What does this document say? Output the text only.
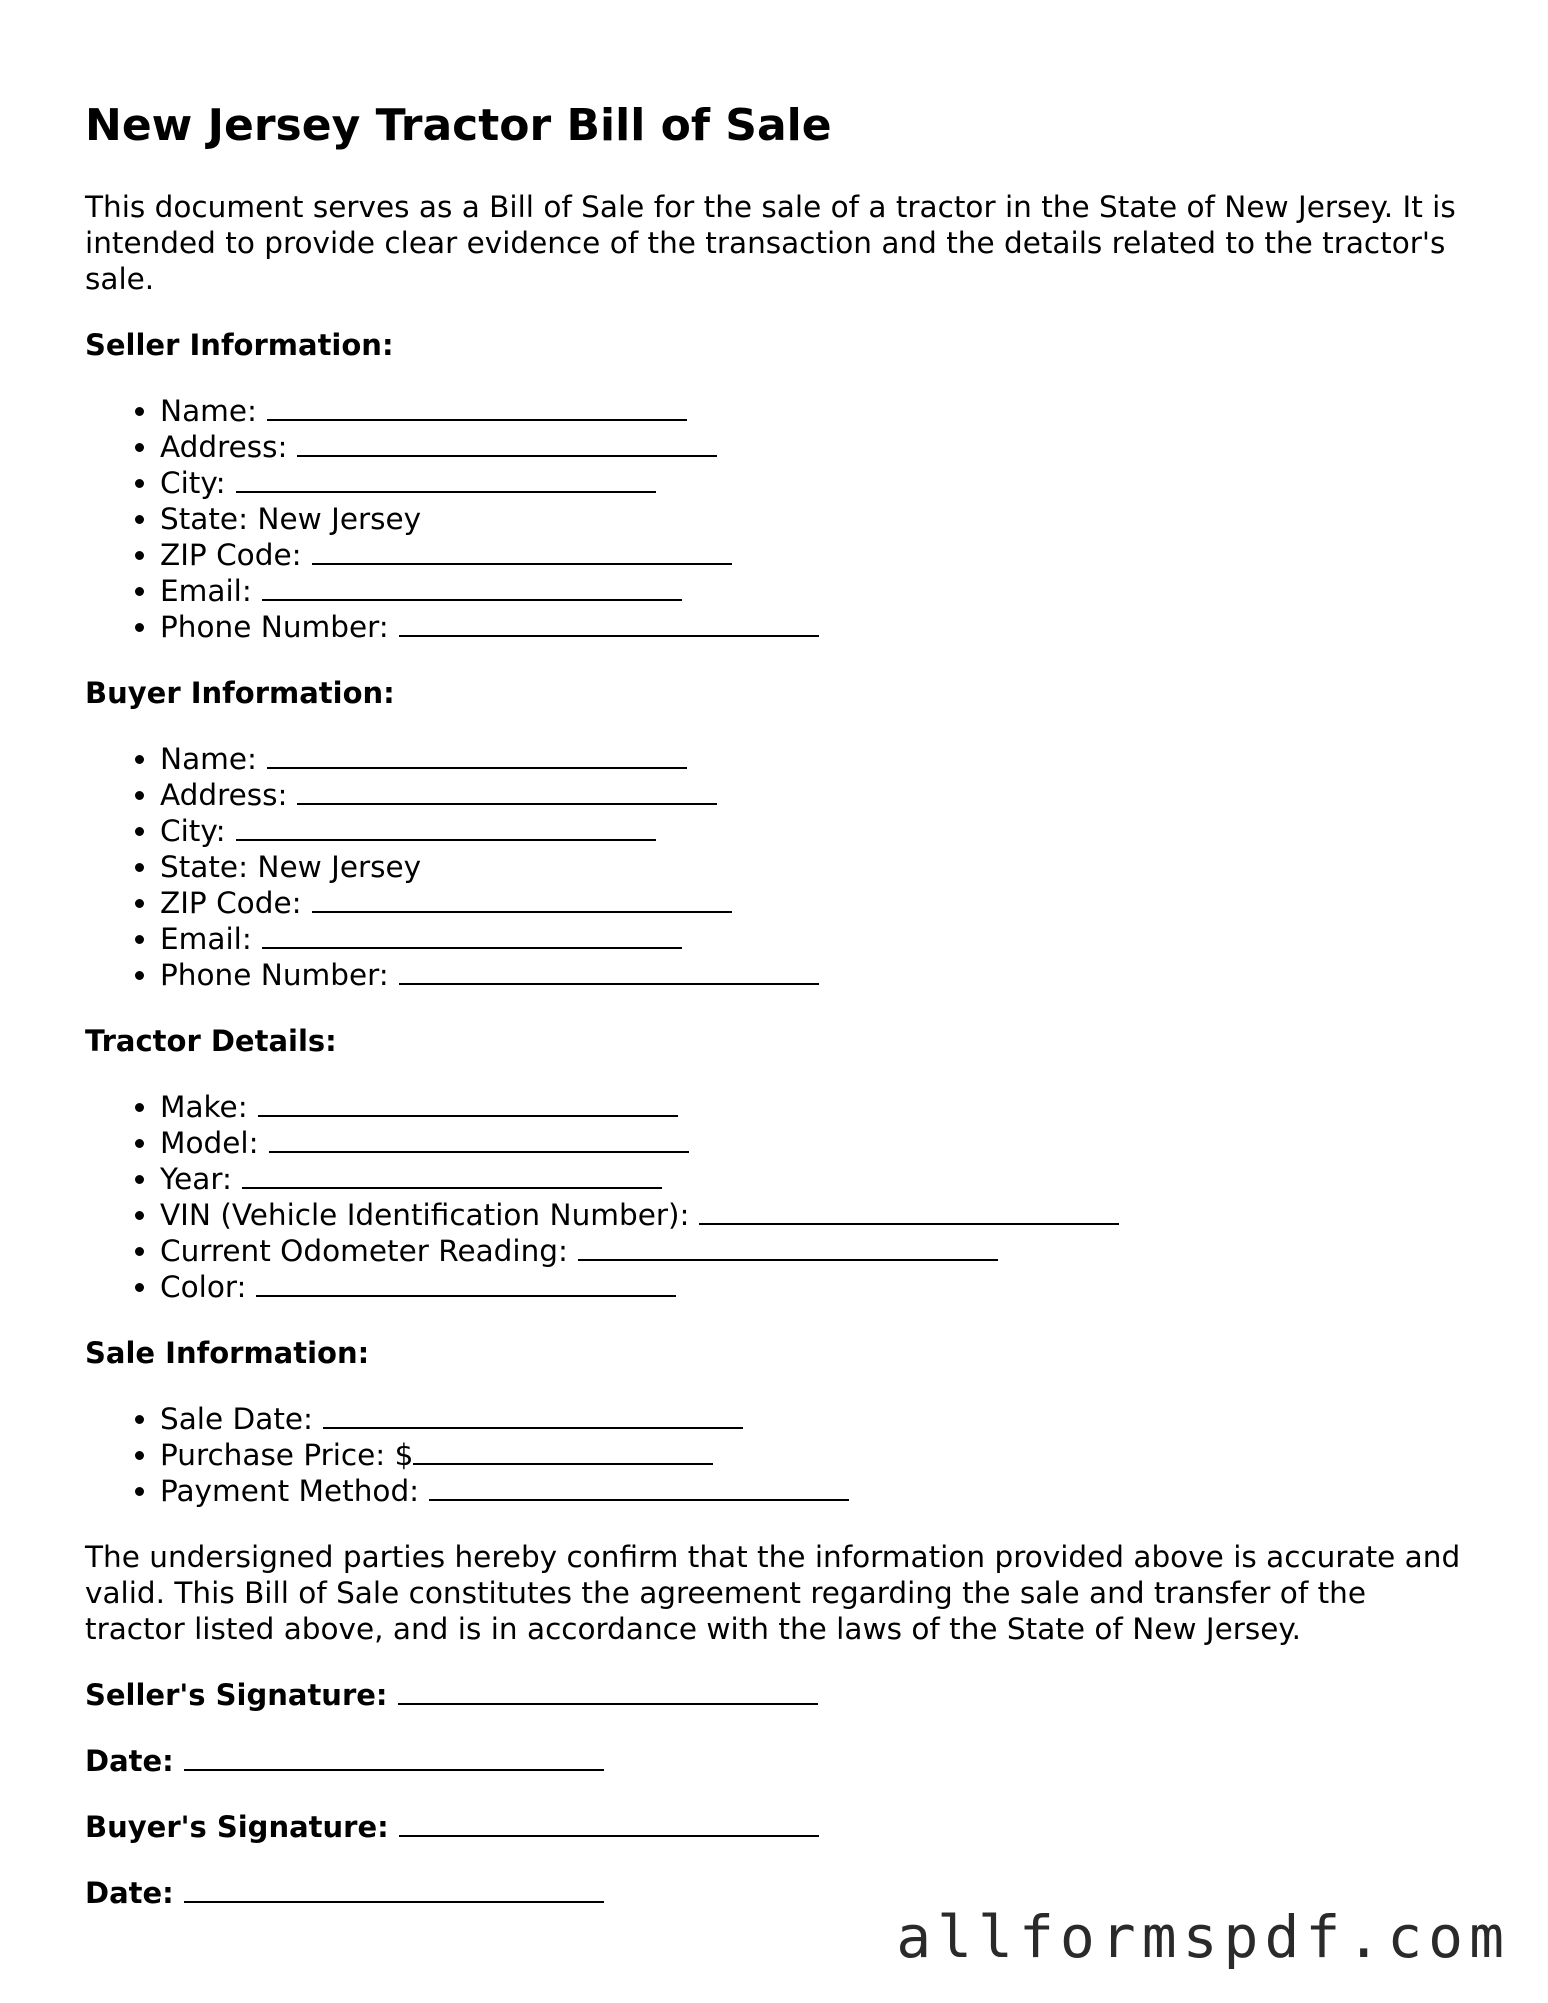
New Jersey Tractor Bill of Sale

This document serves as a Bill of Sale for the sale of a tractor in the State of New Jersey. It is intended to provide clear evidence of the transaction and the details related to the tractor's sale.

Seller Information:
• Name:
• Address:
• City:
• State: New Jersey
• ZIP Code:
• Email:
• Phone Number:
Buyer Information:
• Name:
• Address:
• City:
• State: New Jersey
• ZIP Code:
• Email:
• Phone Number:
Tractor Details:
• Make:
• Model:
• Year:
• VIN (Vehicle Identification Number):
• Current Odometer Reading:
• Color:
Sale Information:
• Sale Date:
• Purchase Price: $
• Payment Method:

The undersigned parties hereby confirm that the information provided above is accurate and valid. This Bill of Sale constitutes the agreement regarding the sale and transfer of the tractor listed above, and is in accordance with the laws of the State of New Jersey.

Seller's Signature:
Date:
Buyer's Signature:
Date:
allformspdf.com
